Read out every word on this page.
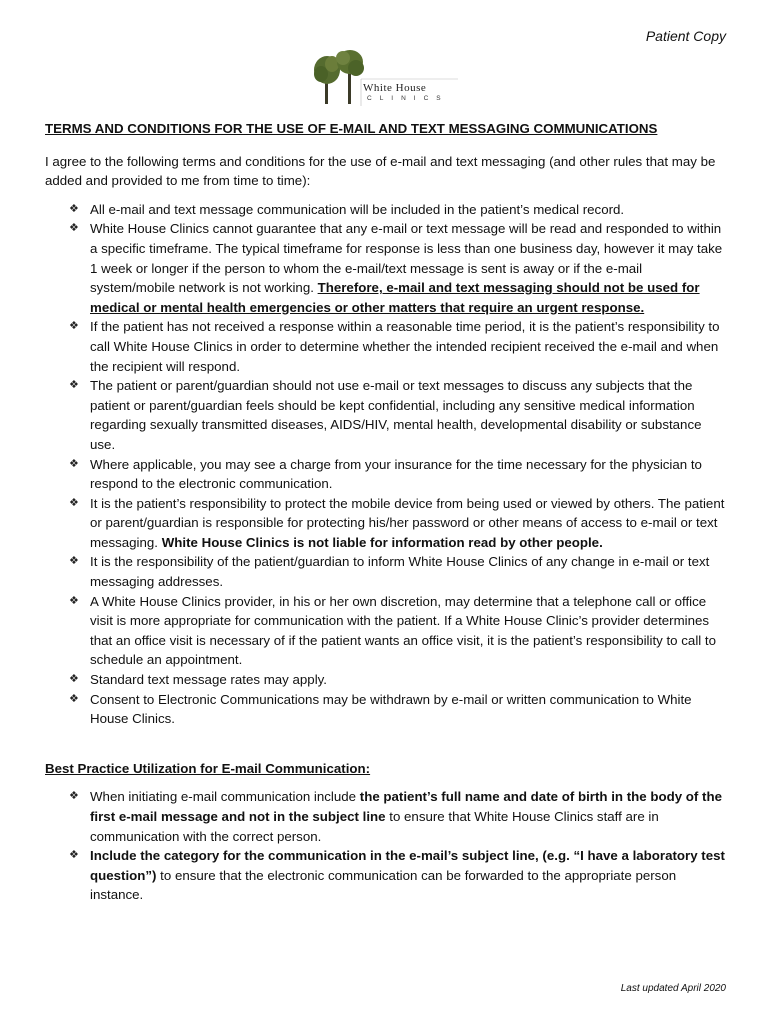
Patient Copy
White House
CLINICS

TERMS AND CONDITIONS FOR THE USE OF E-MAIL AND TEXT MESSAGING COMMUNICATIONS

I agree to the following terms and conditions for the use of e-mail and text messaging (and other rules that may be added and provided to me from time to time):

❖ All e-mail and text message communication will be included in the patient’s medical record.
❖ White House Clinics cannot guarantee that any e-mail or text message will be read and responded to within a specific timeframe. The typical timeframe for response is less than one business day, however it may take 1 week or longer if the person to whom the e-mail/text message is sent is away or if the e-mail system/mobile network is not working. Therefore, e-mail and text messaging should not be used for medical or mental health emergencies or other matters that require an urgent response.
❖ If the patient has not received a response within a reasonable time period, it is the patient’s responsibility to call White House Clinics in order to determine whether the intended recipient received the e-mail and when the recipient will respond.
❖ The patient or parent/guardian should not use e-mail or text messages to discuss any subjects that the patient or parent/guardian feels should be kept confidential, including any sensitive medical information regarding sexually transmitted diseases, AIDS/HIV, mental health, developmental disability or substance use.
❖ Where applicable, you may see a charge from your insurance for the time necessary for the physician to respond to the electronic communication.
❖ It is the patient’s responsibility to protect the mobile device from being used or viewed by others. The patient or parent/guardian is responsible for protecting his/her password or other means of access to e-mail or text messaging. White House Clinics is not liable for information read by other people.
❖ It is the responsibility of the patient/guardian to inform White House Clinics of any change in e-mail or text messaging addresses.
❖ A White House Clinics provider, in his or her own discretion, may determine that a telephone call or office visit is more appropriate for communication with the patient. If a White House Clinic’s provider determines that an office visit is necessary of if the patient wants an office visit, it is the patient’s responsibility to call to schedule an appointment.
❖ Standard text message rates may apply.
❖ Consent to Electronic Communications may be withdrawn by e-mail or written communication to White House Clinics.

Best Practice Utilization for E-mail Communication:

❖ When initiating e-mail communication include the patient’s full name and date of birth in the body of the first e-mail message and not in the subject line to ensure that White House Clinics staff are in communication with the correct person.
❖ Include the category for the communication in the e-mail’s subject line, (e.g. “I have a laboratory test question”) to ensure that the electronic communication can be forwarded to the appropriate person instance.
Last updated April 2020
